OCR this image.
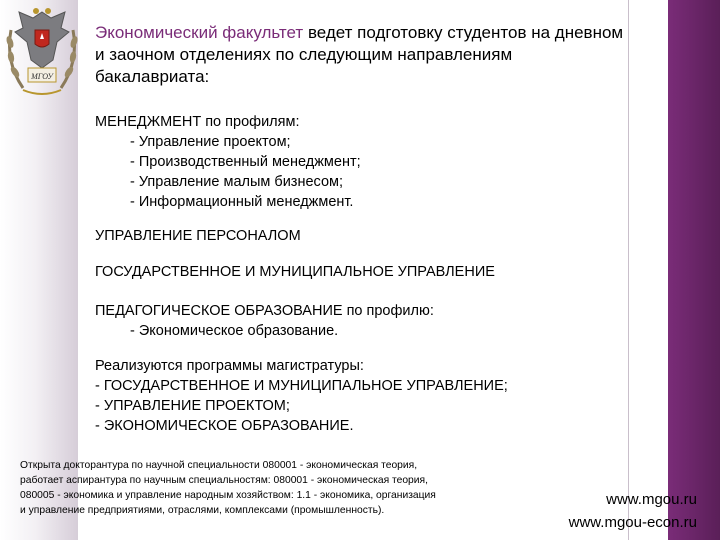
МГОУ
Экономический факультет ведет подготовку студентов на дневном и заочном отделениях по следующим направлениям бакалавриата:
МЕНЕДЖМЕНТ по профилям:
- Управление проектом;
- Производственный менеджмент;
- Управление малым бизнесом;
- Информационный менеджмент.
УПРАВЛЕНИЕ ПЕРСОНАЛОМ
ГОСУДАРСТВЕННОЕ И МУНИЦИПАЛЬНОЕ УПРАВЛЕНИЕ
ПЕДАГОГИЧЕСКОЕ ОБРАЗОВАНИЕ по профилю:
- Экономическое образование.
Реализуются программы магистратуры:
- ГОСУДАРСТВЕННОЕ И МУНИЦИПАЛЬНОЕ УПРАВЛЕНИЕ;
- УПРАВЛЕНИЕ ПРОЕКТОМ;
- ЭКОНОМИЧЕСКОЕ ОБРАЗОВАНИЕ.
Открыта докторантура по научной специальности 080001 - экономическая теория,
работает аспирантура по научным специальностям: 080001 - экономическая теория,
080005 - экономика и управление народным хозяйством: 1.1 - экономика, организация
и управление предприятиями, отраслями, комплексами (промышленность).
www.mgou.ru
www.mgou-econ.ru
